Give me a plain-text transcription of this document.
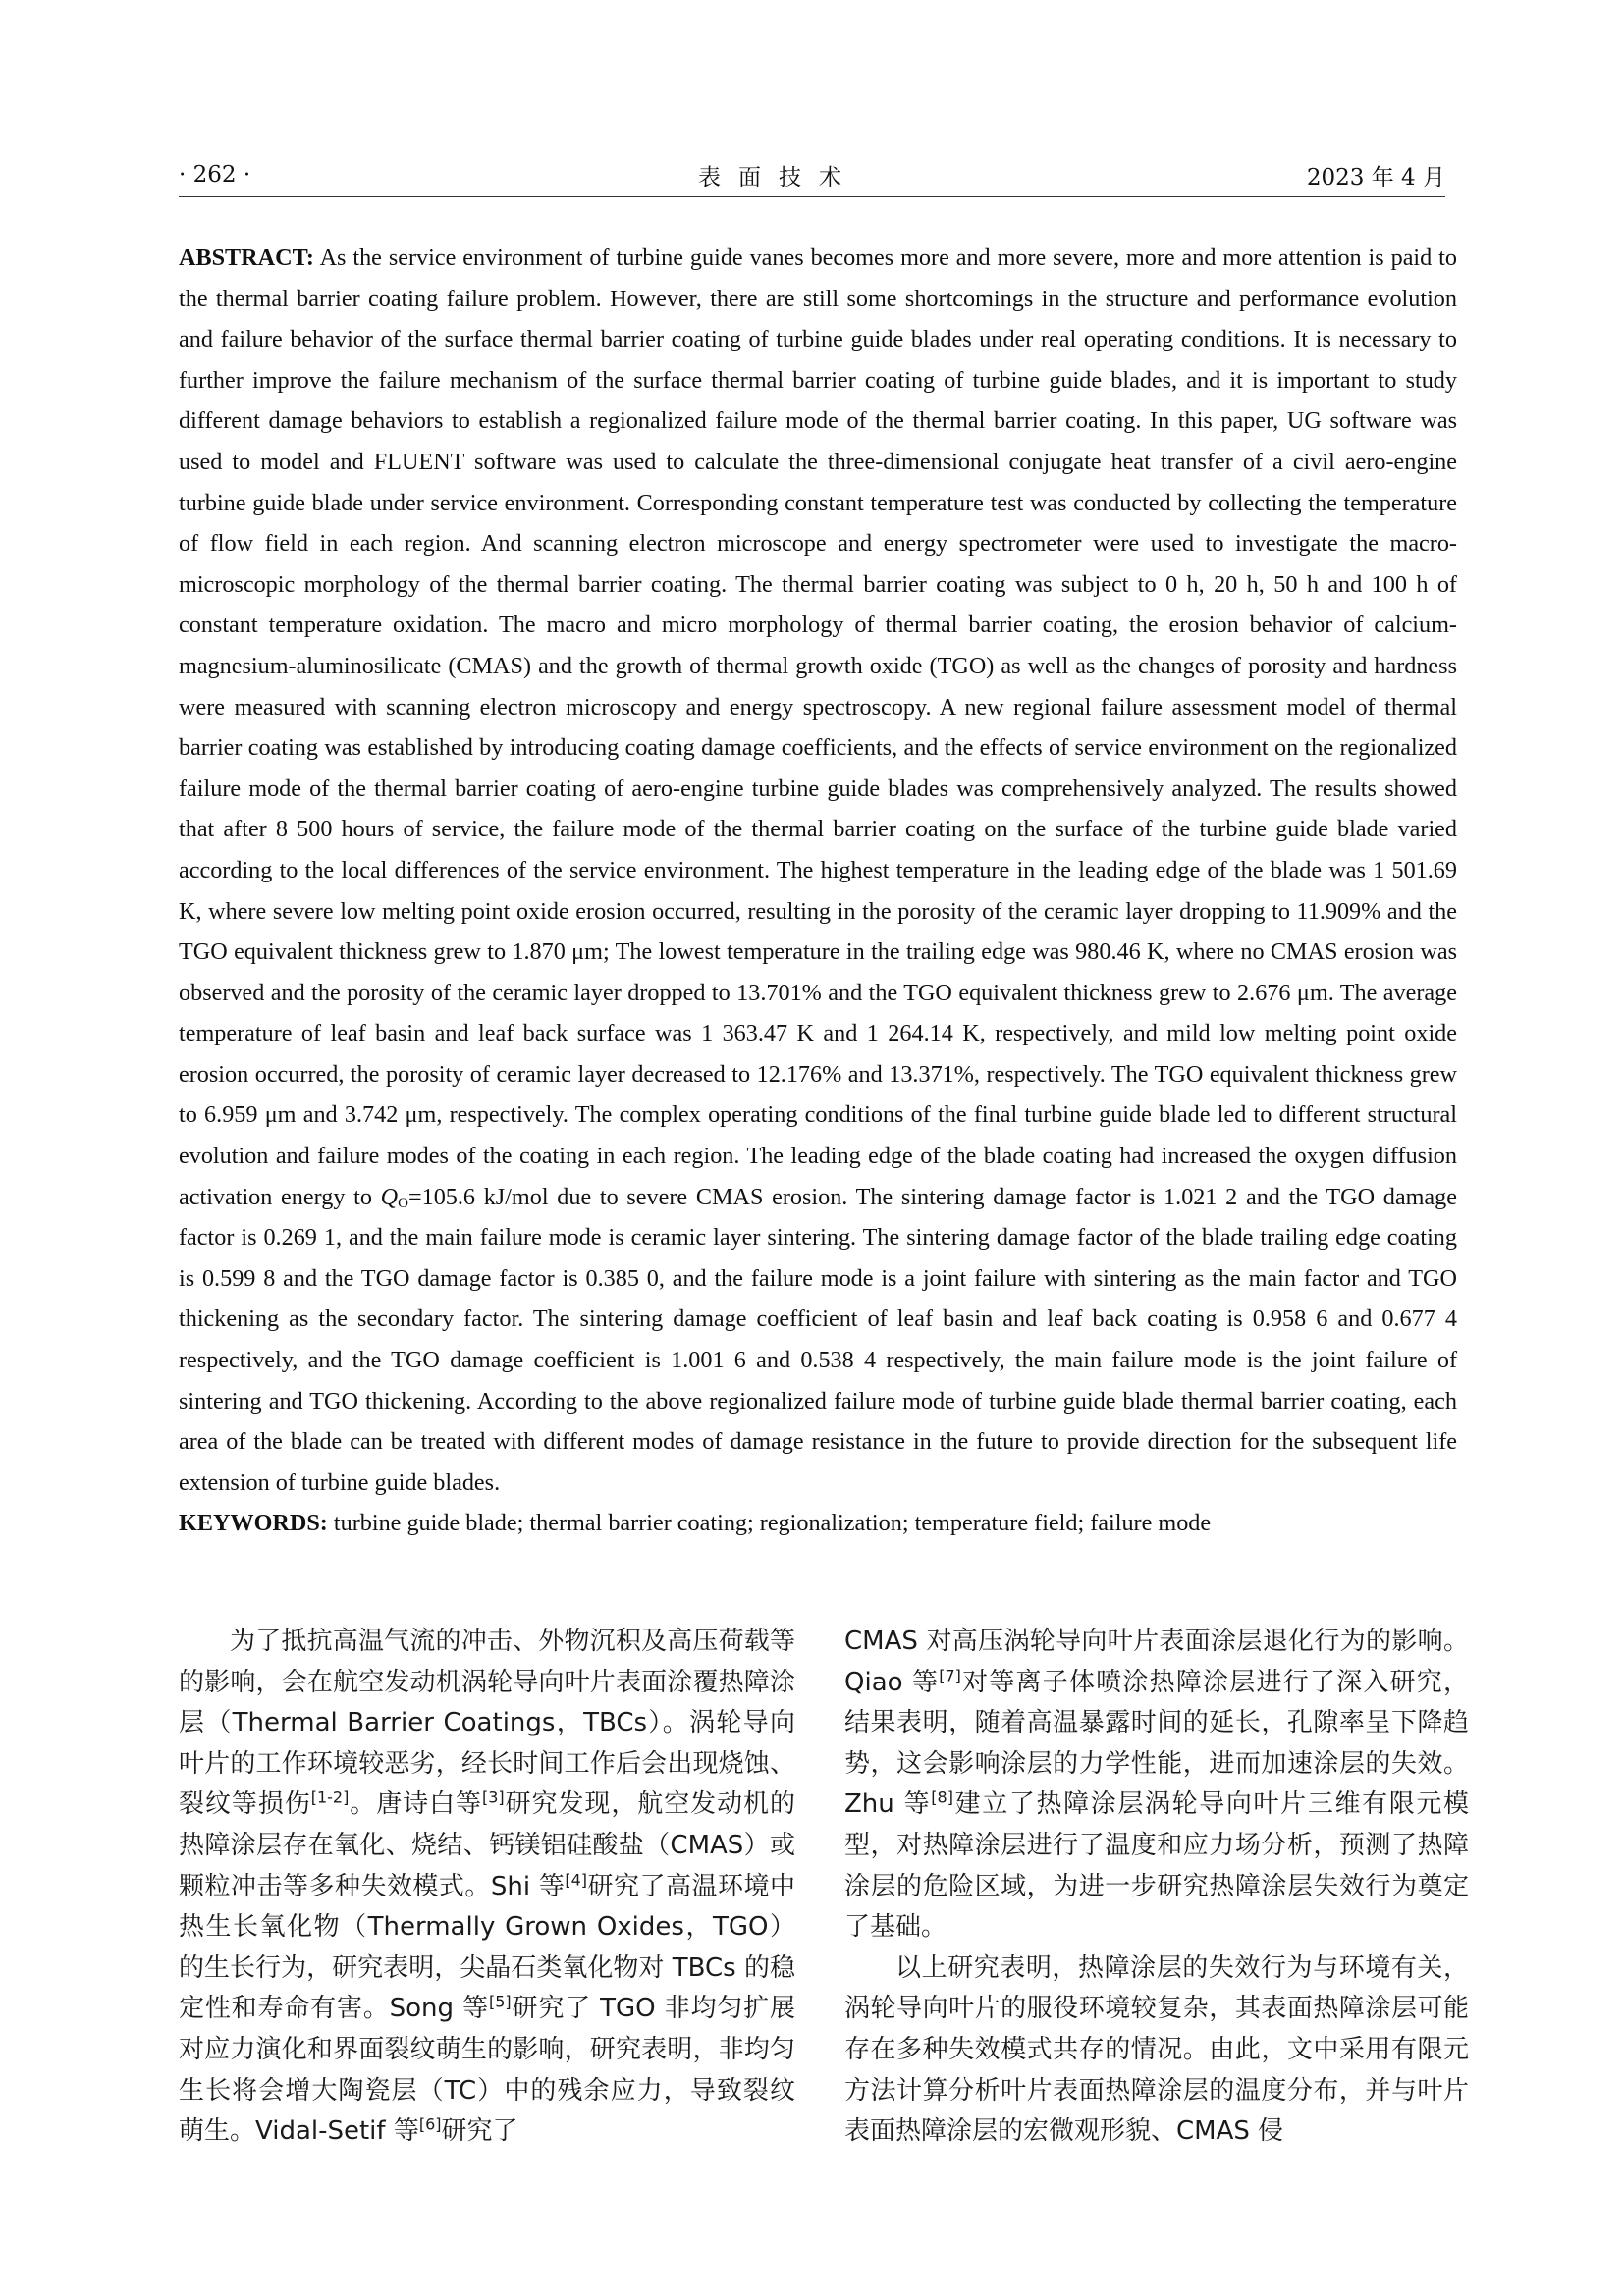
· 262 ·	表面技术	2023 年 4 月

ABSTRACT: As the service environment of turbine guide vanes becomes more and more severe, more and more attention is paid to the thermal barrier coating failure problem. However, there are still some shortcomings in the structure and performance evolution and failure behavior of the surface thermal barrier coating of turbine guide blades under real operating conditions. It is necessary to further improve the failure mechanism of the surface thermal barrier coating of turbine guide blades, and it is important to study different damage behaviors to establish a regionalized failure mode of the thermal barrier coating. In this paper, UG software was used to model and FLUENT software was used to calculate the three-dimensional conjugate heat transfer of a civil aero-engine turbine guide blade under service environment. Corresponding constant temperature test was conducted by collecting the temperature of flow field in each region. And scanning electron microscope and energy spectrometer were used to investigate the macro-microscopic morphology of the thermal barrier coating. The thermal barrier coating was subject to 0 h, 20 h, 50 h and 100 h of constant temperature oxidation. The macro and micro morphology of thermal barrier coating, the erosion behavior of calcium-magnesium-aluminosilicate (CMAS) and the growth of thermal growth oxide (TGO) as well as the changes of porosity and hardness were measured with scanning electron microscopy and energy spectroscopy. A new regional failure assessment model of thermal barrier coating was established by introducing coating damage coefficients, and the effects of service environment on the regionalized failure mode of the thermal barrier coating of aero-engine turbine guide blades was comprehensively analyzed. The results showed that after 8 500 hours of service, the failure mode of the thermal barrier coating on the surface of the turbine guide blade varied according to the local differences of the service environment. The highest temperature in the leading edge of the blade was 1 501.69 K, where severe low melting point oxide erosion occurred, resulting in the porosity of the ceramic layer dropping to 11.909% and the TGO equivalent thickness grew to 1.870 μm; The lowest temperature in the trailing edge was 980.46 K, where no CMAS erosion was observed and the porosity of the ceramic layer dropped to 13.701% and the TGO equivalent thickness grew to 2.676 μm. The average temperature of leaf basin and leaf back surface was 1 363.47 K and 1 264.14 K, respectively, and mild low melting point oxide erosion occurred, the porosity of ceramic layer decreased to 12.176% and 13.371%, respectively. The TGO equivalent thickness grew to 6.959 μm and 3.742 μm, respectively. The complex operating conditions of the final turbine guide blade led to different structural evolution and failure modes of the coating in each region. The leading edge of the blade coating had increased the oxygen diffusion activation energy to $Q_O=105.6$ kJ/mol due to severe CMAS erosion. The sintering damage factor is 1.021 2 and the TGO damage factor is 0.269 1, and the main failure mode is ceramic layer sintering. The sintering damage factor of the blade trailing edge coating is 0.599 8 and the TGO damage factor is 0.385 0, and the failure mode is a joint failure with sintering as the main factor and TGO thickening as the secondary factor. The sintering damage coefficient of leaf basin and leaf back coating is 0.958 6 and 0.677 4 respectively, and the TGO damage coefficient is 1.001 6 and 0.538 4 respectively, the main failure mode is the joint failure of sintering and TGO thickening. According to the above regionalized failure mode of turbine guide blade thermal barrier coating, each area of the blade can be treated with different modes of damage resistance in the future to provide direction for the subsequent life extension of turbine guide blades.

KEYWORDS: turbine guide blade; thermal barrier coating; regionalization; temperature field; failure mode

为了抵抗高温气流的冲击、外物沉积及高压荷载等的影响，会在航空发动机涡轮导向叶片表面涂覆热障涂层（Thermal Barrier Coatings，TBCs）。涡轮导向叶片的工作环境较恶劣，经长时间工作后会出现烧蚀、裂纹等损伤[1-2]。唐诗白等[3]研究发现，航空发动机的热障涂层存在氧化、烧结、钙镁铝硅酸盐（CMAS）或颗粒冲击等多种失效模式。Shi 等[4]研究了高温环境中热生长氧化物（Thermally Grown Oxides，TGO）的生长行为，研究表明，尖晶石类氧化物对 TBCs 的稳定性和寿命有害。Song 等[5]研究了 TGO 非均匀扩展对应力演化和界面裂纹萌生的影响，研究表明，非均匀生长将会增大陶瓷层（TC）中的残余应力，导致裂纹萌生。Vidal-Setif 等[6]研究了

CMAS 对高压涡轮导向叶片表面涂层退化行为的影响。Qiao 等[7]对等离子体喷涂热障涂层进行了深入研究，结果表明，随着高温暴露时间的延长，孔隙率呈下降趋势，这会影响涂层的力学性能，进而加速涂层的失效。Zhu 等[8]建立了热障涂层涡轮导向叶片三维有限元模型，对热障涂层进行了温度和应力场分析，预测了热障涂层的危险区域，为进一步研究热障涂层失效行为奠定了基础。

以上研究表明，热障涂层的失效行为与环境有关，涡轮导向叶片的服役环境较复杂，其表面热障涂层可能存在多种失效模式共存的情况。由此，文中采用有限元方法计算分析叶片表面热障涂层的温度分布，并与叶片表面热障涂层的宏微观形貌、CMAS 侵
